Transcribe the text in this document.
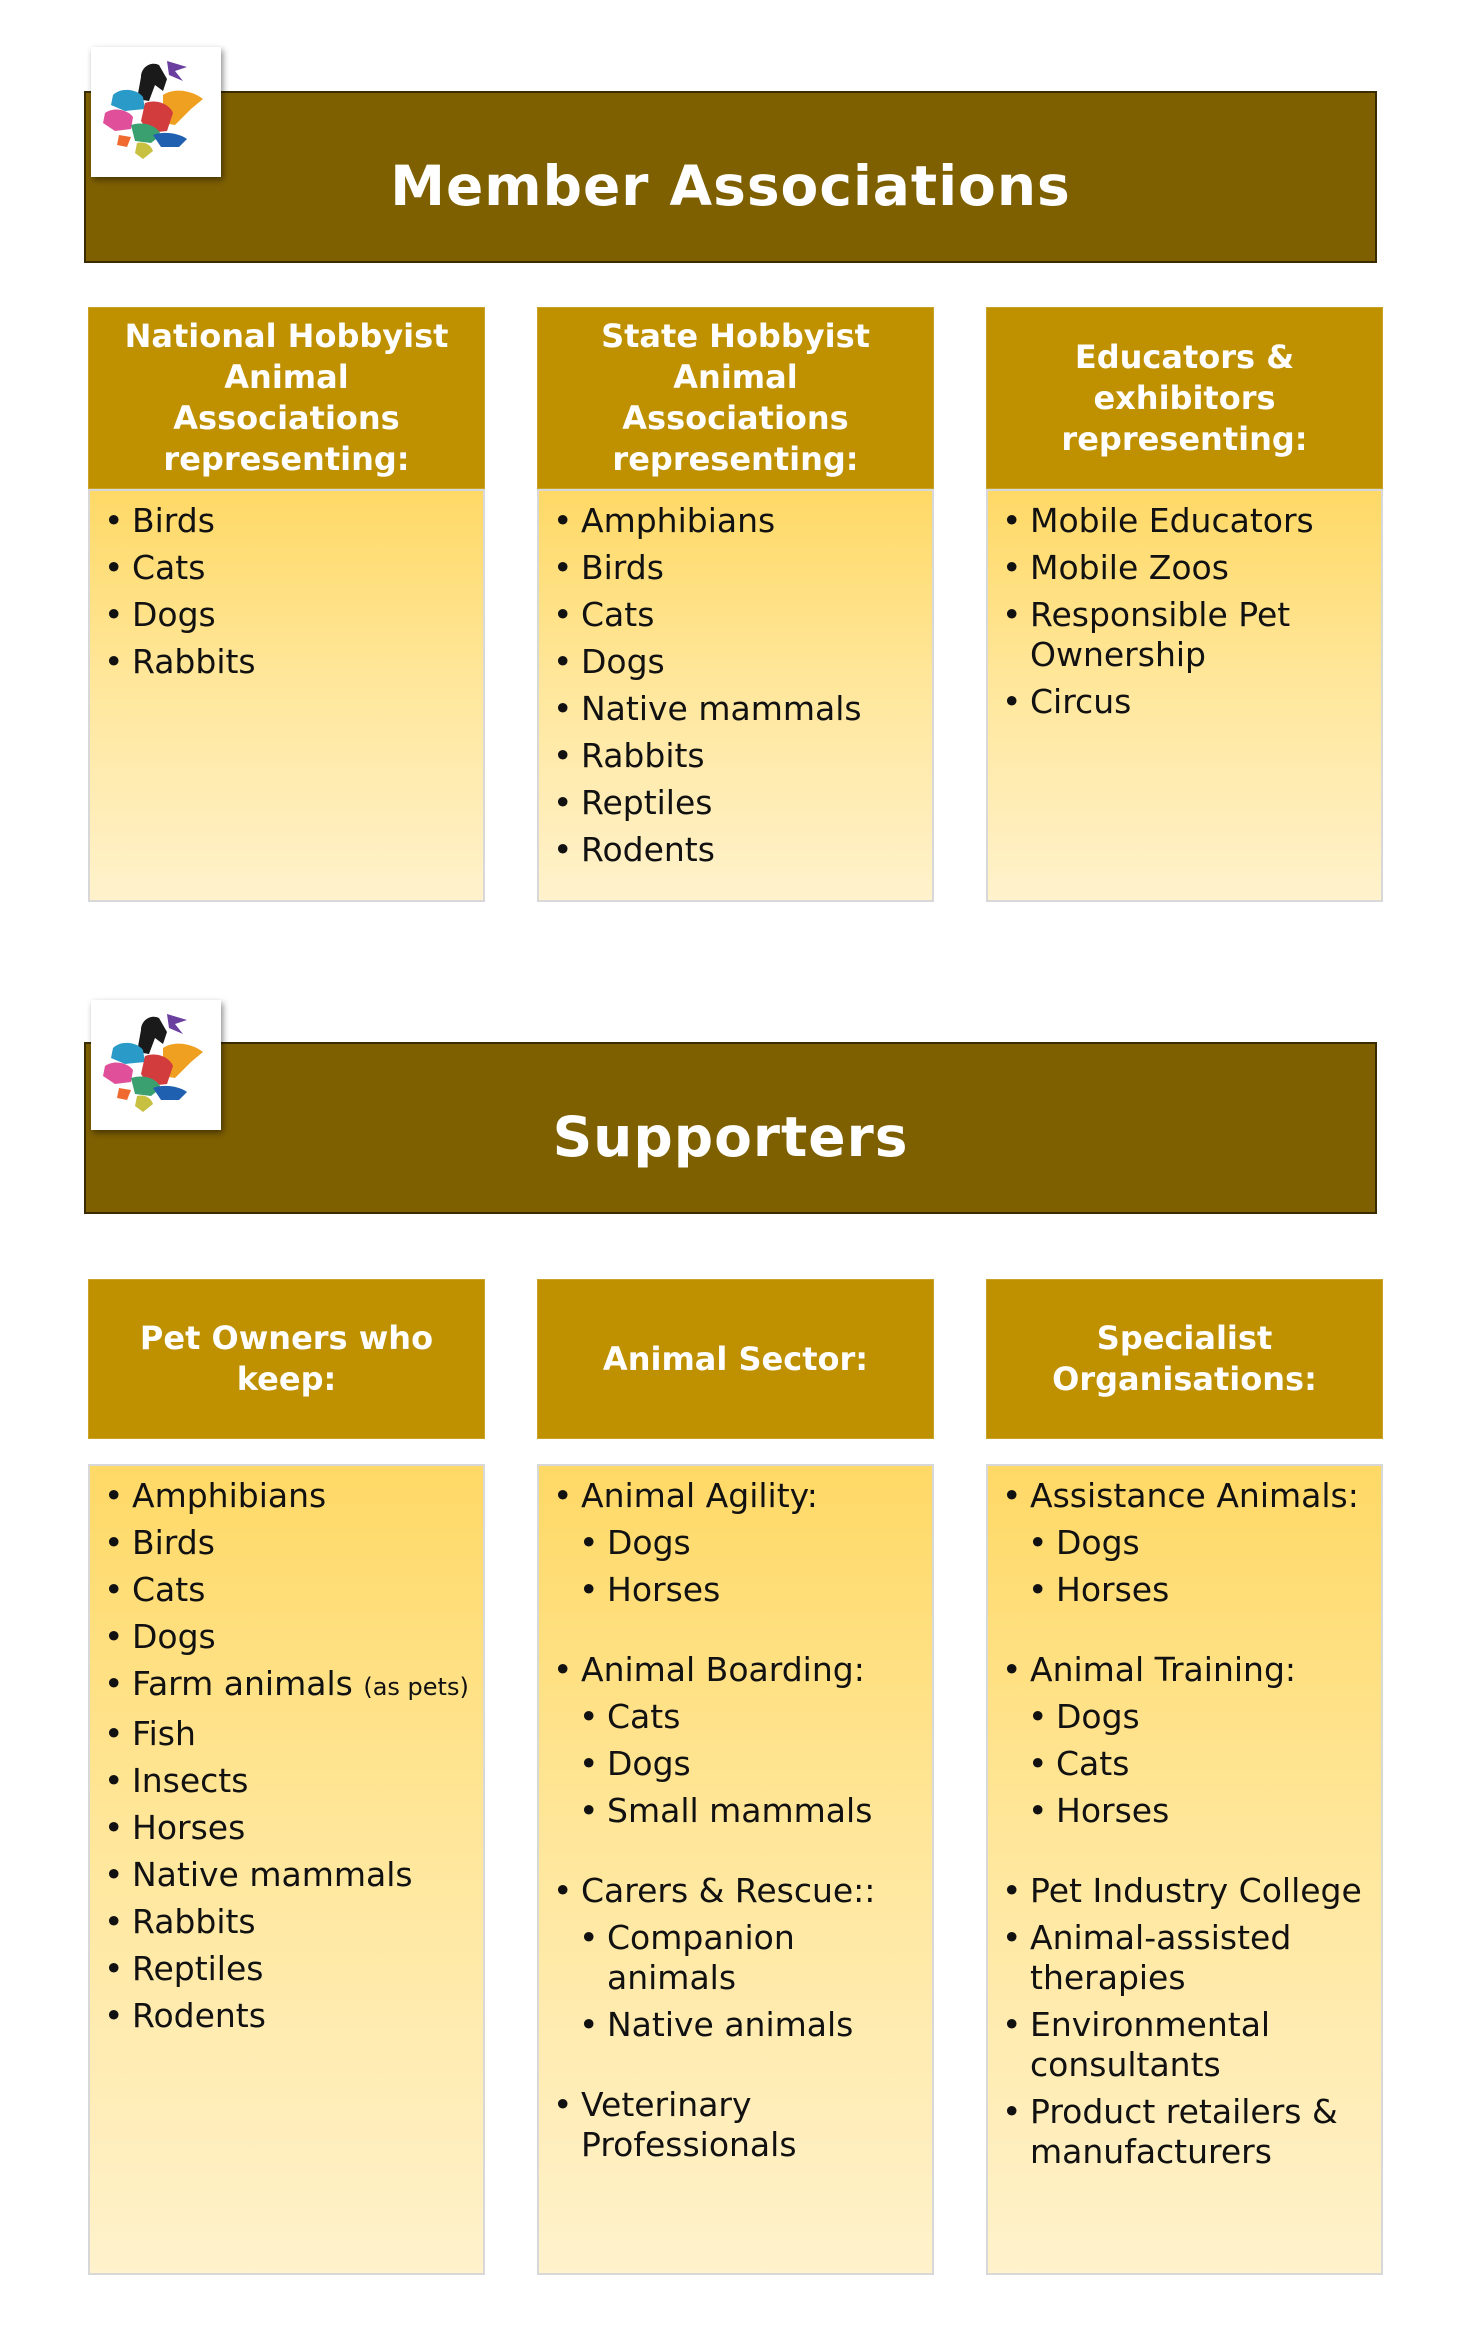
Member Associations
National Hobbyist Animal Associations representing:
• Birds
• Cats
• Dogs
• Rabbits
State Hobbyist Animal Associations representing:
• Amphibians
• Birds
• Cats
• Dogs
• Native mammals
• Rabbits
• Reptiles
• Rodents
Educators & exhibitors representing:
• Mobile Educators
• Mobile Zoos
• Responsible Pet Ownership
• Circus
Supporters
Pet Owners who keep:
• Amphibians
• Birds
• Cats
• Dogs
• Farm animals (as pets)
• Fish
• Insects
• Horses
• Native mammals
• Rabbits
• Reptiles
• Rodents
Animal Sector:
• Animal Agility:
• Dogs
• Horses
• Animal Boarding:
• Cats
• Dogs
• Small mammals
• Carers & Rescue::
• Companion animals
• Native animals
• Veterinary Professionals
Specialist Organisations:
• Assistance Animals:
• Dogs
• Horses
• Animal Training:
• Dogs
• Cats
• Horses
• Pet Industry College
• Animal-assisted therapies
• Environmental consultants
• Product retailers & manufacturers
